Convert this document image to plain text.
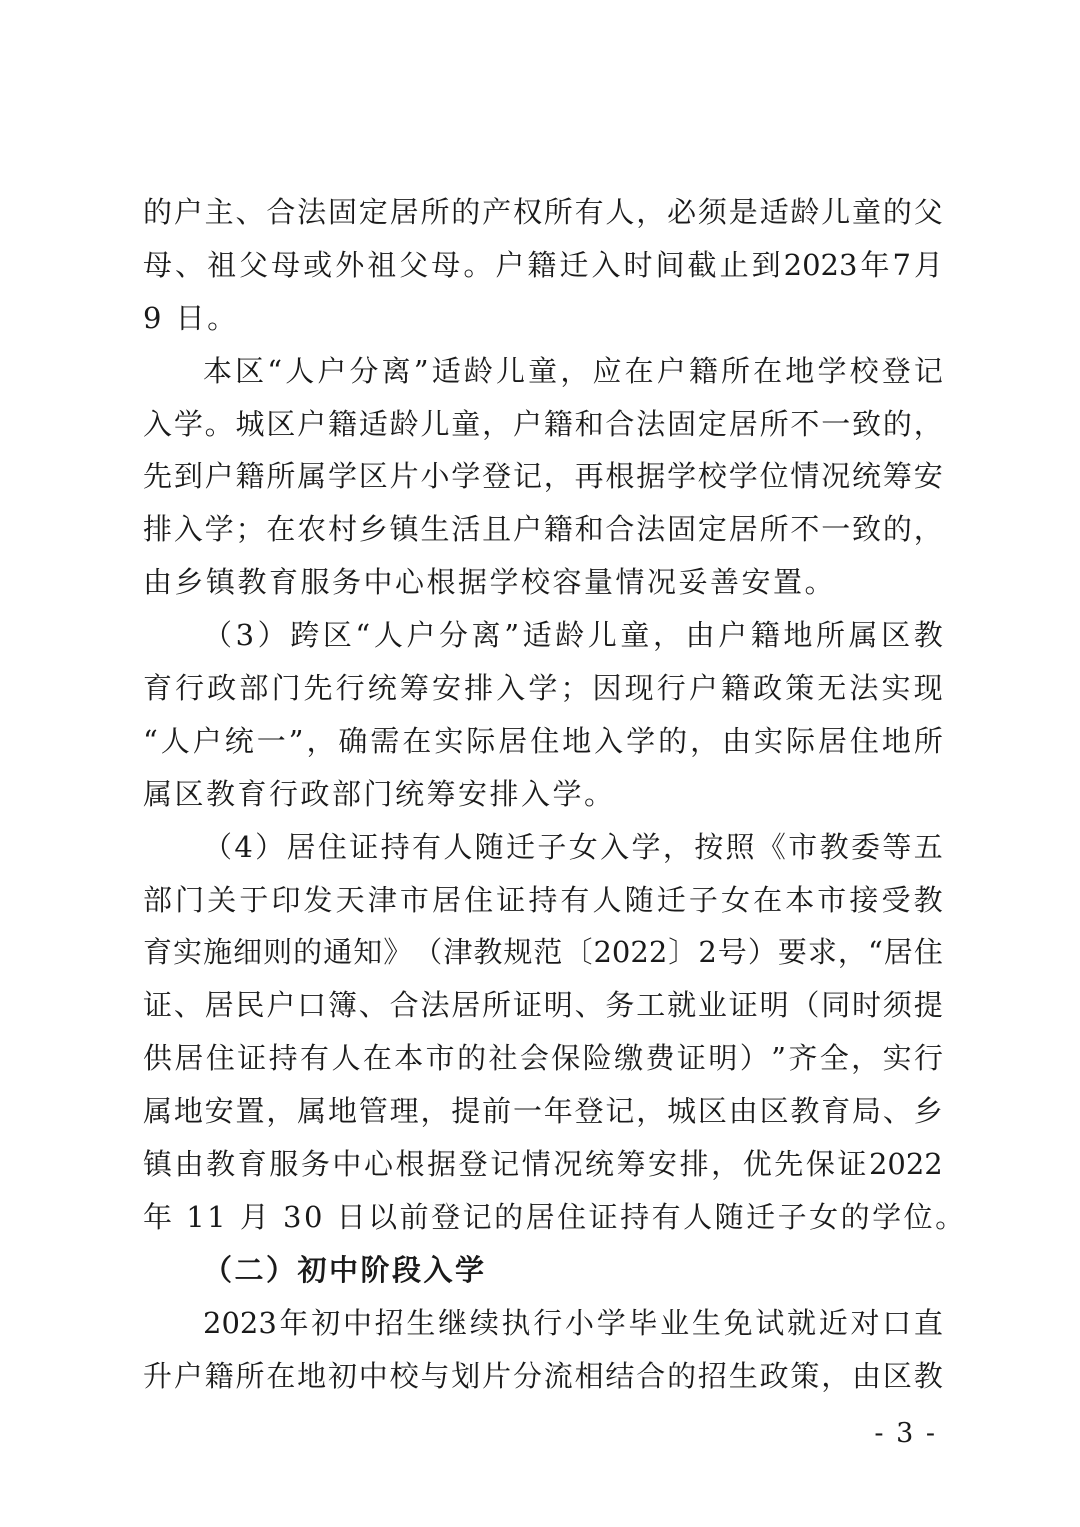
的 户 主 、 合 法 固 定 居 所 的 产 权 所 有 人 ， 必 须 是 适 龄 儿 童 的 父
母 、 祖 父 母 或 外 祖 父 母 。 户 籍 迁 入 时 间 截 止 到 2023 年 7 月
9 日。
本 区 “ 人 户 分 离 ” 适 龄 儿 童 ， 应 在 户 籍 所 在 地 学 校 登 记
入 学 。 城 区 户 籍 适 龄 儿 童 ， 户 籍 和 合 法 固 定 居 所 不 一 致 的 ，
先 到 户 籍 所 属 学 区 片 小 学 登 记 ， 再 根 据 学 校 学 位 情 况 统 筹 安
排 入 学 ； 在 农 村 乡 镇 生 活 且 户 籍 和 合 法 固 定 居 所 不 一 致 的 ，
由乡镇教育服务中心根据学校容量情况妥善安置。
（ 3 ） 跨 区 “ 人 户 分 离 ” 适 龄 儿 童 ， 由 户 籍 地 所 属 区 教
育 行 政 部 门 先 行 统 筹 安 排 入 学 ； 因 现 行 户 籍 政 策 无 法 实 现
“ 人 户 统 一 ” ， 确 需 在 实 际 居 住 地 入 学 的 ， 由 实 际 居 住 地 所
属区教育行政部门统筹安排入学。
（ 4 ） 居 住 证 持 有 人 随 迁 子 女 入 学 ， 按 照 《 市 教 委 等 五
部 门 关 于 印 发 天 津 市 居 住 证 持 有 人 随 迁 子 女 在 本 市 接 受 教
育 实 施 细 则 的 通 知 》 （ 津 教 规 范 〔 2022 〕 2 号 ） 要 求 ， “ 居 住
证 、 居 民 户 口 簿 、 合 法 居 所 证 明 、 务 工 就 业 证 明 （ 同 时 须 提
供 居 住 证 持 有 人 在 本 市 的 社 会 保 险 缴 费 证 明 ） ” 齐 全 ， 实 行
属 地 安 置 ， 属 地 管 理 ， 提 前 一 年 登 记 ， 城 区 由 区 教 育 局 、 乡
镇 由 教 育 服 务 中 心 根 据 登 记 情 况 统 筹 安 排 ， 优 先 保 证 2022
年 11 月 30 日以前登记的居住证持有人随迁子女的学位。
（二）初中阶段入学
2023 年 初 中 招 生 继 续 执 行 小 学 毕 业 生 免 试 就 近 对 口 直
升 户 籍 所 在 地 初 中 校 与 划 片 分 流 相 结 合 的 招 生 政 策 ， 由 区 教
- 3 -
